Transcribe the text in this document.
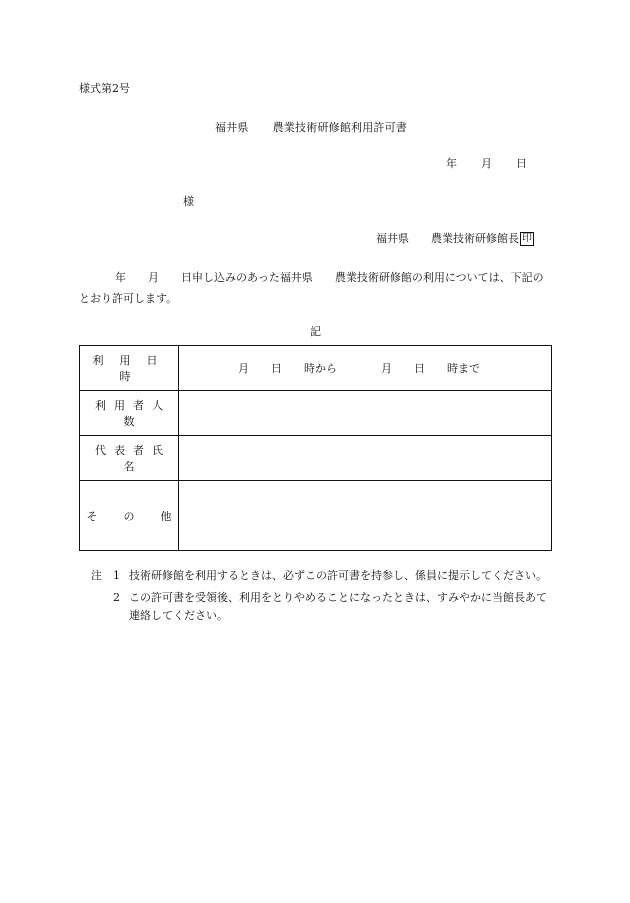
様式第2号
福井県 農業技術研修館利用許可書
年 月 日
様
福井県 農業技術研修館長 印
年 月 日申し込みのあった福井県 農業技術研修館の利用については、下記のとおり許可します。
記
利用日時	月 日 時から 月 日 時まで
利用者人数	
代表者氏名	
そ の 他	
注 1 技術研修館を利用するときは、必ずこの許可書を持参し、係員に提示してください。
2 この許可書を受領後、利用をとりやめることになったときは、すみやかに当館長あて連絡してください。
